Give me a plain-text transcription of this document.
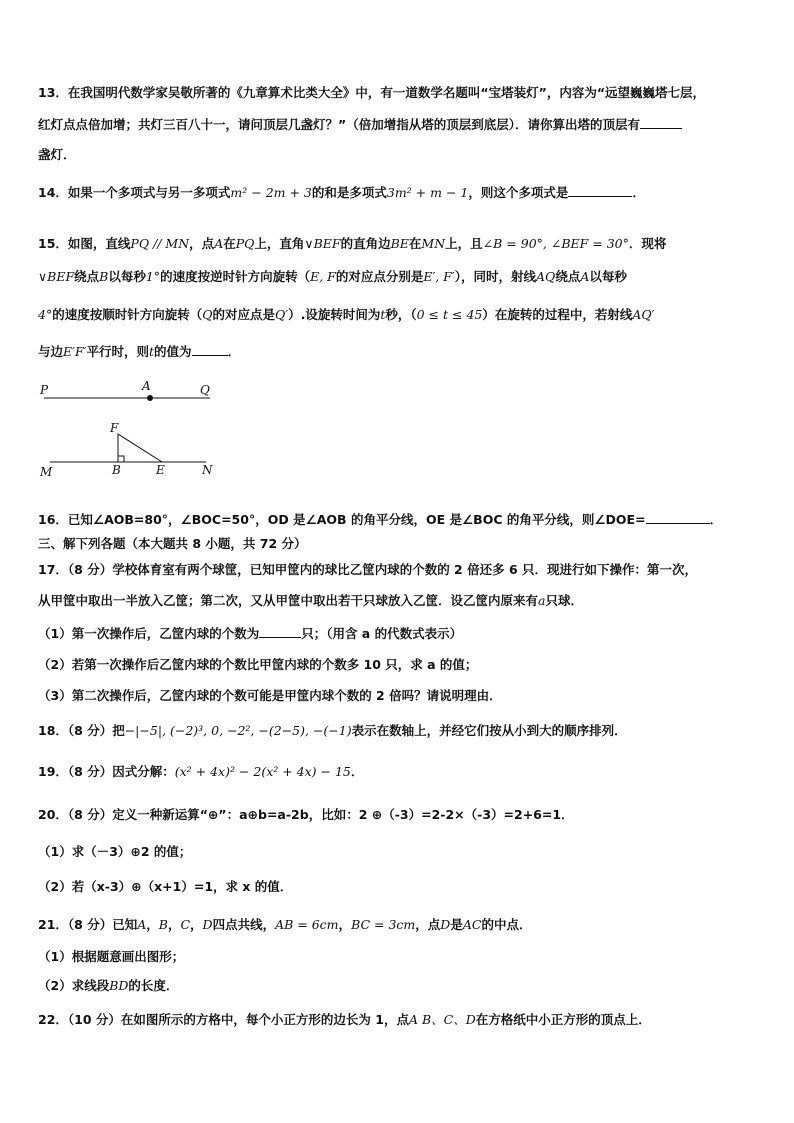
13．在我国明代数学家吴敬所著的《九章算术比类大全》中，有一道数学名题叫“宝塔装灯”，内容为“远望巍巍塔七层，
红灯点点倍加增；共灯三百八十一，请问顶层几盏灯？”（倍加增指从塔的顶层到底层）．请你算出塔的顶层有
盏灯．
14．如果一个多项式与另一多项式m² − 2m + 3的和是多项式3m² + m − 1，则这个多项式是	．
15．如图，直线PQ // MN，点A在PQ上，直角∨BEF的直角边BE在MN上，且∠B = 90°, ∠BEF = 30°．现将
∨BEF绕点B以每秒1°的速度按逆时针方向旋转（E, F的对应点分别是E′, F′），同时，射线AQ绕点A以每秒
4°的速度按顺时针方向旋转（Q的对应点是Q′）.设旋转时间为t秒，（0 ≤ t ≤ 45）在旋转的过程中，若射线AQ′
与边E′F′平行时，则t的值为	．
P	A	Q
F
M	B	E	N
16．已知∠AOB=80°，∠BOC=50°，OD 是∠AOB 的角平分线，OE 是∠BOC 的角平分线，则∠DOE=	．
三、解下列各题（本大题共 8 小题，共 72 分）
17．（8 分）学校体育室有两个球筐，已知甲筐内的球比乙筐内球的个数的 2 倍还多 6 只．现进行如下操作：第一次，
从甲筐中取出一半放入乙筐；第二次，又从甲筐中取出若干只球放入乙筐．设乙筐内原来有a只球．
（1）第一次操作后，乙筐内球的个数为	只；（用含 a 的代数式表示）
（2）若第一次操作后乙筐内球的个数比甲筐内球的个数多 10 只，求 a 的值；
（3）第二次操作后，乙筐内球的个数可能是甲筐内球个数的 2 倍吗？请说明理由．
18．（8 分）把−|−5|, (−2)³, 0, −2², −(2−5), −(−1)表示在数轴上，并经它们按从小到大的顺序排列．
19．（8 分）因式分解：(x² + 4x)² − 2(x² + 4x) − 15．
20．（8 分）定义一种新运算“⊕”：a⊕b=a-2b，比如：2 ⊕（-3）=2-2×（-3）=2+6=1．
（1）求（－3）⊕2 的值；
（2）若（x-3）⊕（x+1）=1，求 x 的值．
21．（8 分）已知A，B，C，D四点共线，AB = 6cm，BC = 3cm，点D是AC的中点．
（1）根据题意画出图形；
（2）求线段BD的长度．
22．（10 分）在如图所示的方格中，每个小正方形的边长为 1，点A B、C、D在方格纸中小正方形的顶点上．
